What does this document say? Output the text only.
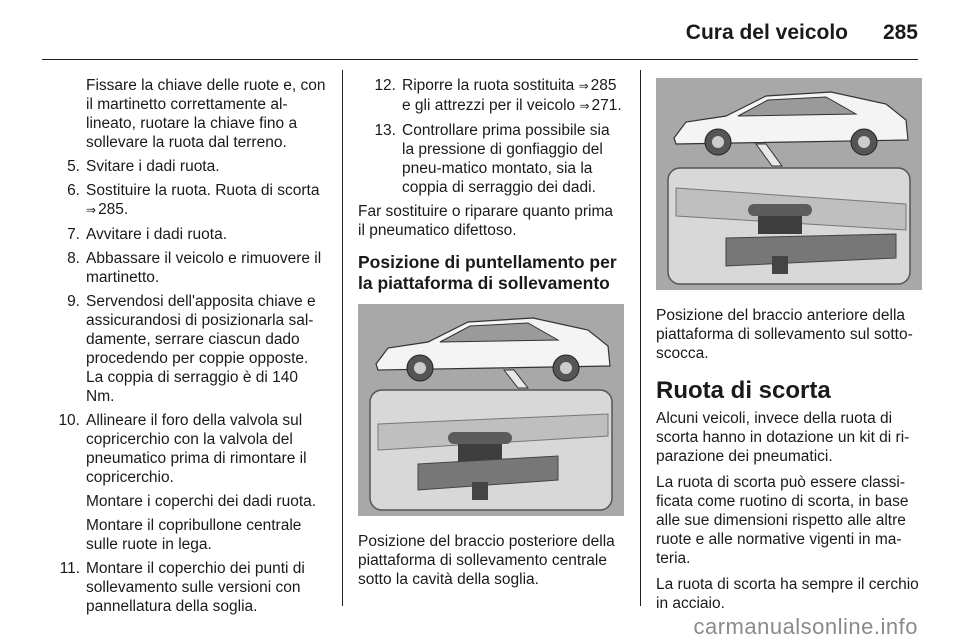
Cura del veicolo 285
Fissare la chiave delle ruote e, con il martinetto correttamente al-lineato, ruotare la chiave fino a sollevare la ruota dal terreno.
5. Svitare i dadi ruota.
6. Sostituire la ruota. Ruota di scorta ⇒ 285.
7. Avvitare i dadi ruota.
8. Abbassare il veicolo e rimuovere il martinetto.
9. Servendosi dell'apposita chiave e assicurandosi di posizionarla sal-damente, serrare ciascun dado procedendo per coppie opposte. La coppia di serraggio è di 140 Nm.
10. Allineare il foro della valvola sul copricerchio con la valvola del pneumatico prima di rimontare il copricerchio.
Montare i coperchi dei dadi ruota.
Montare il copribullone centrale sulle ruote in lega.
11. Montare il coperchio dei punti di sollevamento sulle versioni con pannellatura della soglia.
12. Riporre la ruota sostituita ⇒ 285 e gli attrezzi per il veicolo ⇒ 271.
13. Controllare prima possibile sia la pressione di gonfiaggio del pneu-matico montato, sia la coppia di serraggio dei dadi.
Far sostituire o riparare quanto prima il pneumatico difettoso.
Posizione di puntellamento per la piattaforma di sollevamento
Posizione del braccio posteriore della piattaforma di sollevamento centrale sotto la cavità della soglia.
Posizione del braccio anteriore della piattaforma di sollevamento sul sotto-scocca.
Ruota di scorta
Alcuni veicoli, invece della ruota di scorta hanno in dotazione un kit di ri-parazione dei pneumatici.
La ruota di scorta può essere classi-ficata come ruotino di scorta, in base alle sue dimensioni rispetto alle altre ruote e alle normative vigenti in ma-teria.
La ruota di scorta ha sempre il cerchio in acciaio.
carmanualsonline.info
